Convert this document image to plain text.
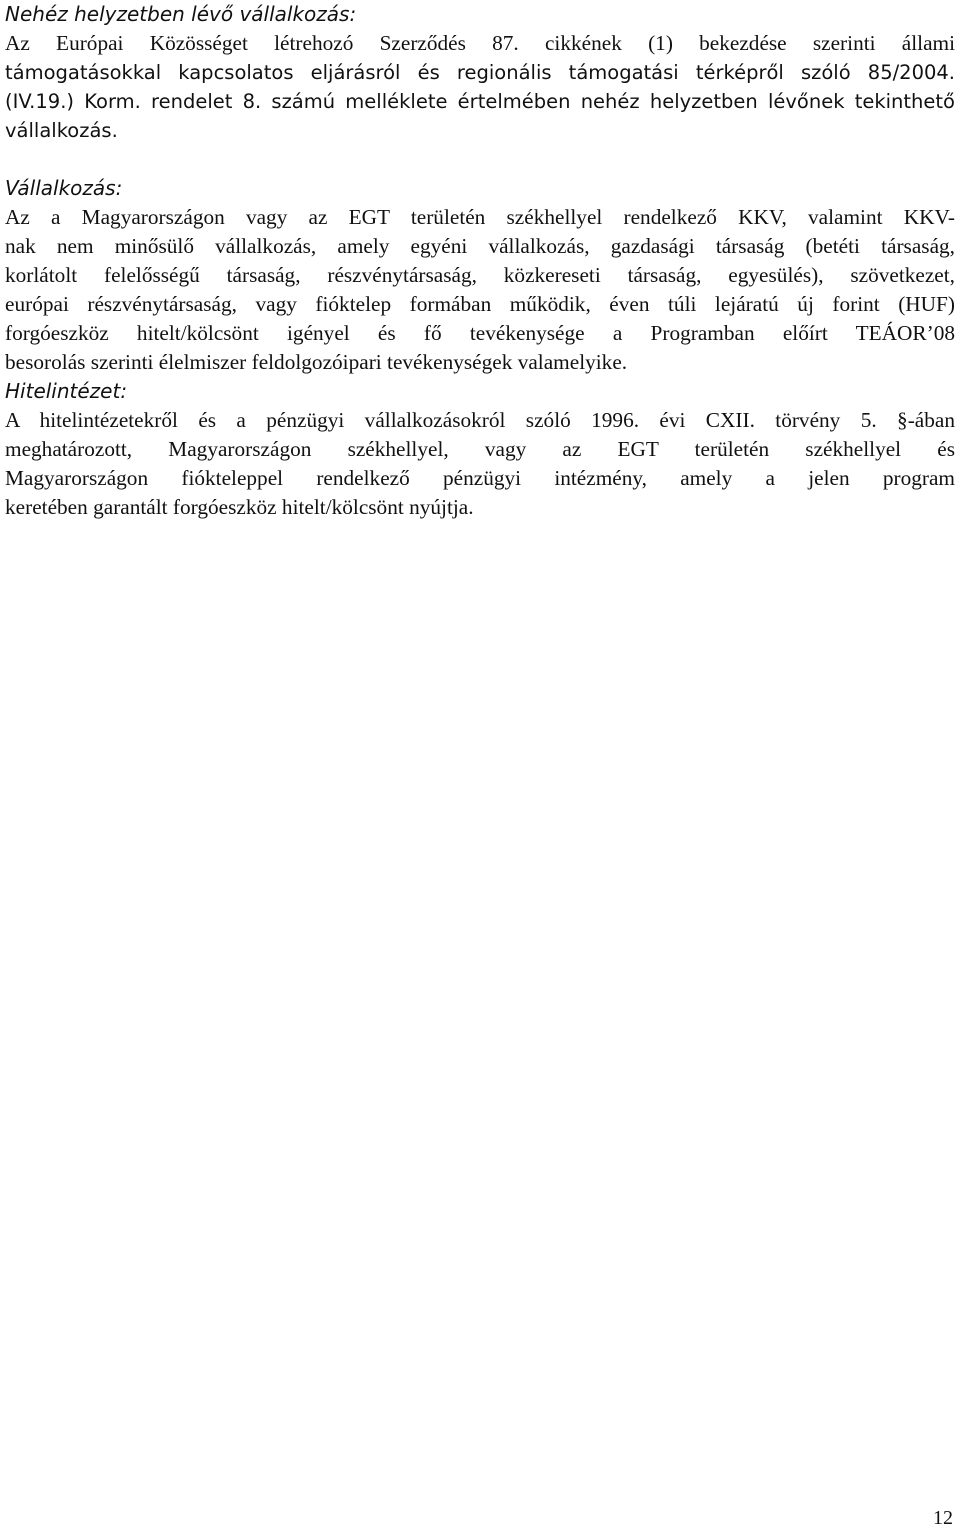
Nehéz helyzetben lévő vállalkozás:

Az Európai Közösséget létrehozó Szerződés 87. cikkének (1) bekezdése szerinti állami
támogatásokkal kapcsolatos eljárásról és regionális támogatási térképről szóló 85/2004.
(IV.19.) Korm. rendelet 8. számú melléklete értelmében nehéz helyzetben lévőnek tekinthető
vállalkozás.

Vállalkozás:

Az a Magyarországon vagy az EGT területén székhellyel rendelkező KKV, valamint KKV-
nak nem minősülő vállalkozás, amely egyéni vállalkozás, gazdasági társaság (betéti társaság,
korlátolt felelősségű társaság, részvénytársaság, közkereseti társaság, egyesülés), szövetkezet,
európai részvénytársaság, vagy fióktelep formában működik, éven túli lejáratú új forint (HUF)
forgóeszköz hitelt/kölcsönt igényel és fő tevékenysége a Programban előírt TEÁOR’08
besorolás szerinti élelmiszer feldolgozóipari tevékenységek valamelyike.

Hitelintézet:

A hitelintézetekről és a pénzügyi vállalkozásokról szóló 1996. évi CXII. törvény 5. §-ában
meghatározott, Magyarországon székhellyel, vagy az EGT területén székhellyel és
Magyarországon fiókteleppel rendelkező pénzügyi intézmény, amely a jelen program
keretében garantált forgóeszköz hitelt/kölcsönt nyújtja.

12
